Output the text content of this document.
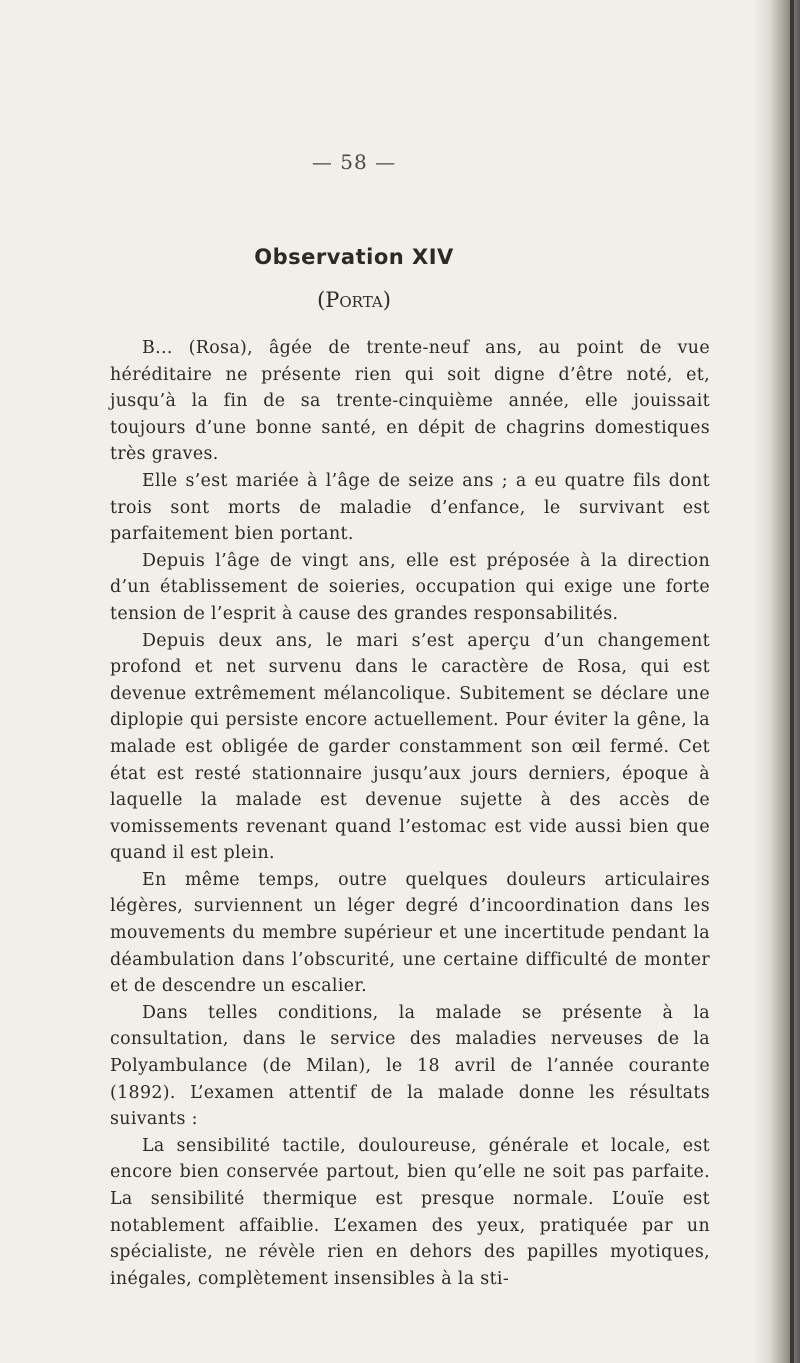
— 58 —
Observation XIV
(Porta)

B... (Rosa), âgée de trente-neuf ans, au point de vue héréditaire ne présente rien qui soit digne d’être noté, et, jusqu’à la fin de sa trente-cinquième année, elle jouissait toujours d’une bonne santé, en dépit de chagrins domestiques très graves.

Elle s’est mariée à l’âge de seize ans ; a eu quatre fils dont trois sont morts de maladie d’enfance, le survivant est parfaitement bien portant.

Depuis l’âge de vingt ans, elle est préposée à la direction d’un établissement de soieries, occupation qui exige une forte tension de l’esprit à cause des grandes responsabilités.

Depuis deux ans, le mari s’est aperçu d’un changement profond et net survenu dans le caractère de Rosa, qui est devenue extrêmement mélancolique. Subitement se déclare une diplopie qui persiste encore actuellement. Pour éviter la gêne, la malade est obligée de garder constamment son œil fermé. Cet état est resté stationnaire jusqu’aux jours derniers, époque à laquelle la malade est devenue sujette à des accès de vomissements revenant quand l’estomac est vide aussi bien que quand il est plein.

En même temps, outre quelques douleurs articulaires légères, surviennent un léger degré d’incoordination dans les mouvements du membre supérieur et une incertitude pendant la déambulation dans l’obscurité, une certaine difficulté de monter et de descendre un escalier.

Dans telles conditions, la malade se présente à la consultation, dans le service des maladies nerveuses de la Polyambulance (de Milan), le 18 avril de l’année courante (1892). L’examen attentif de la malade donne les résultats suivants :

La sensibilité tactile, douloureuse, générale et locale, est encore bien conservée partout, bien qu’elle ne soit pas parfaite. La sensibilité thermique est presque normale. L’ouïe est notablement affaiblie. L’examen des yeux, pratiquée par un spécialiste, ne révèle rien en dehors des papilles myotiques, inégales, complètement insensibles à la sti-
